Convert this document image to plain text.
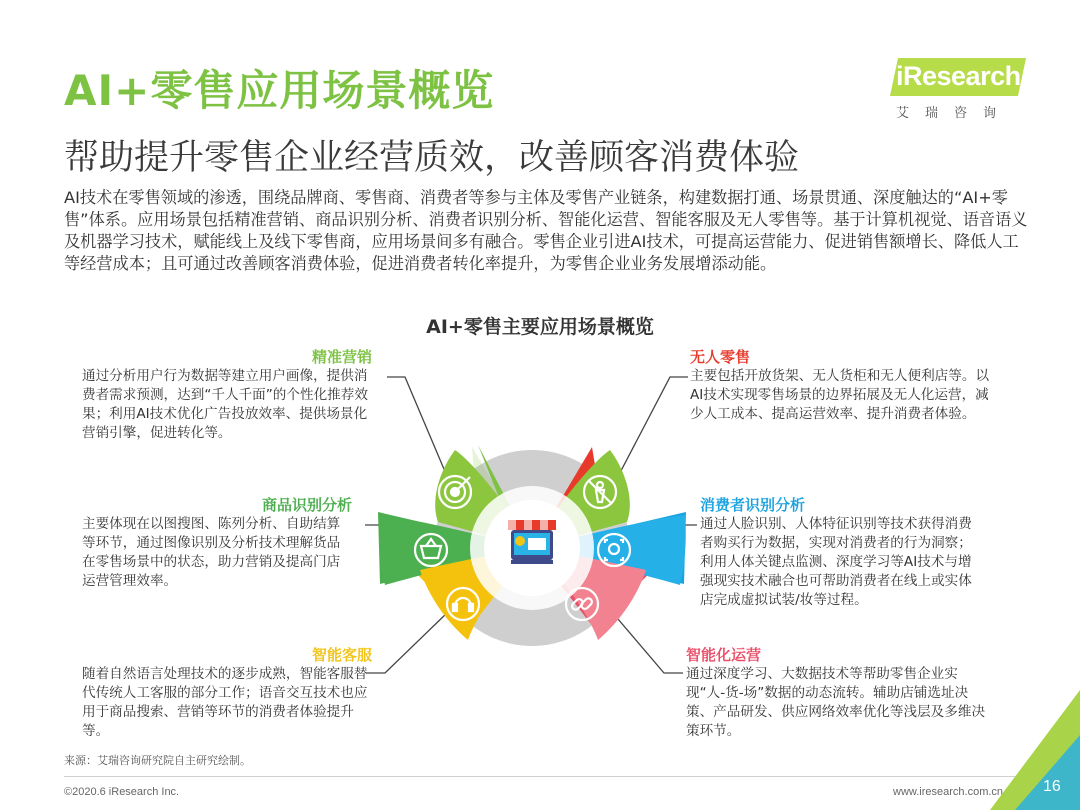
AI+零售应用场景概览
帮助提升零售企业经营质效，改善顾客消费体验
iResearch
艾瑞咨询
AI技术在零售领域的渗透，围绕品牌商、零售商、消费者等参与主体及零售产业链条，构建数据打通、场景贯通、深度触达的“AI+零售”体系。应用场景包括精准营销、商品识别分析、消费者识别分析、智能化运营、智能客服及无人零售等。基于计算机视觉、语音语义及机器学习技术，赋能线上及线下零售商，应用场景间多有融合。零售企业引进AI技术，可提高运营能力、促进销售额增长、降低人工等经营成本；且可通过改善顾客消费体验，促进消费者转化率提升，为零售企业业务发展增添动能。
AI+零售主要应用场景概览
精准营销

通过分析用户行为数据等建立用户画像，提供消费者需求预测，达到“千人千面”的个性化推荐效果；利用AI技术优化广告投放效率、提供场景化营销引擎，促进转化等。

商品识别分析

主要体现在以图搜图、陈列分析、自助结算等环节，通过图像识别及分析技术理解货品在零售场景中的状态，助力营销及提高门店运营管理效率。

智能客服

随着自然语言处理技术的逐步成熟，智能客服替代传统人工客服的部分工作；语音交互技术也应用于商品搜索、营销等环节的消费者体验提升等。

无人零售

主要包括开放货架、无人货柜和无人便利店等。以AI技术实现零售场景的边界拓展及无人化运营，减少人工成本、提高运营效率、提升消费者体验。

消费者识别分析

通过人脸识别、人体特征识别等技术获得消费者购买行为数据，实现对消费者的行为洞察；利用人体关键点监测、深度学习等AI技术与增强现实技术融合也可帮助消费者在线上或实体店完成虚拟试装/妆等过程。

智能化运营

通过深度学习、大数据技术等帮助零售企业实现“人-货-场”数据的动态流转。辅助店铺选址决策、产品研发、供应网络效率优化等浅层及多维决策环节。

来源：艾瑞咨询研究院自主研究绘制。
©2020.6 iResearch Inc.	www.iresearch.com.cn 16
